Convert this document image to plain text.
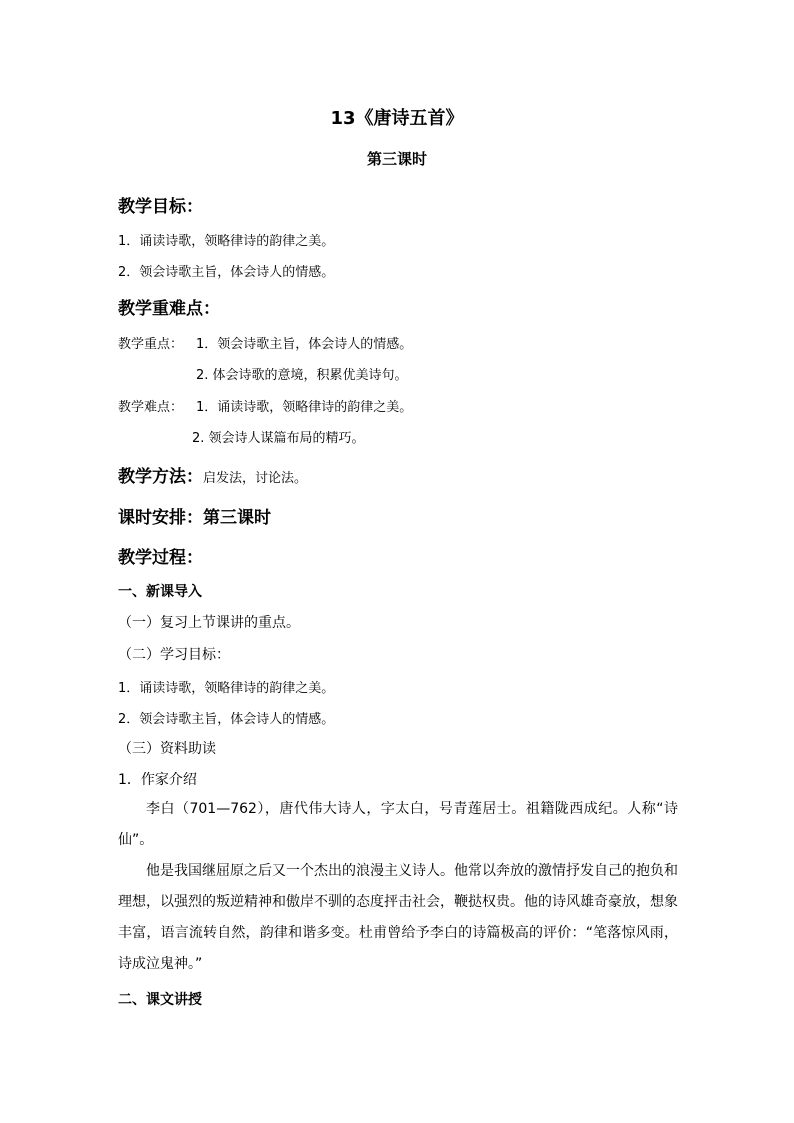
13《唐诗五首》
第三课时
教学目标：
1．诵读诗歌，领略律诗的韵律之美。
2．领会诗歌主旨，体会诗人的情感。
教学重难点：
教学重点： 1．领会诗歌主旨，体会诗人的情感。
2. 体会诗歌的意境，积累优美诗句。
教学难点： 1．诵读诗歌，领略律诗的韵律之美。
2. 领会诗人谋篇布局的精巧。
教学方法：启发法，讨论法。
课时安排：第三课时
教学过程：
一、新课导入
（一）复习上节课讲的重点。
（二）学习目标：
1．诵读诗歌，领略律诗的韵律之美。
2．领会诗歌主旨，体会诗人的情感。
（三）资料助读
1．作家介绍
李白（701—762），唐代伟大诗人，字太白，号青莲居士。祖籍陇西成纪。人称“诗仙”。
他是我国继屈原之后又一个杰出的浪漫主义诗人。他常以奔放的激情抒发自己的抱负和理想，以强烈的叛逆精神和傲岸不驯的态度抨击社会，鞭挞权贵。他的诗风雄奇豪放，想象丰富，语言流转自然，韵律和谐多变。杜甫曾给予李白的诗篇极高的评价：“笔落惊风雨，诗成泣鬼神。”
二、课文讲授
